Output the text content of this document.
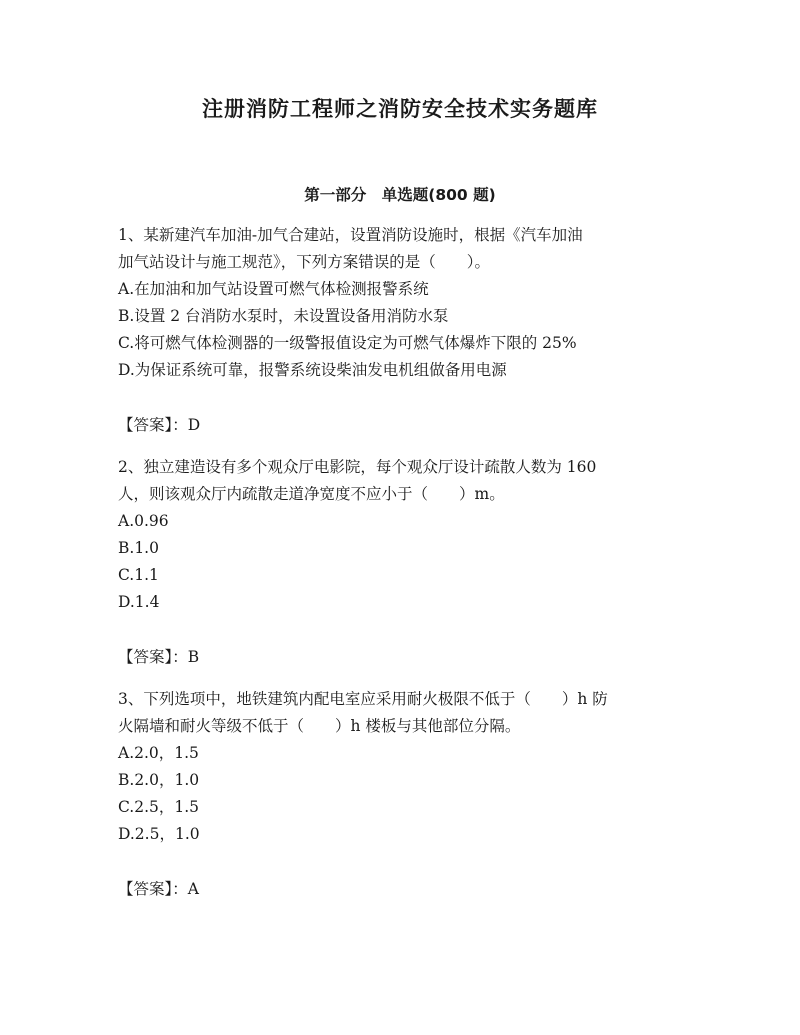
注册消防工程师之消防安全技术实务题库
第一部分　单选题(800 题)
1、某新建汽车加油-加气合建站，设置消防设施时，根据《汽车加油
加气站设计与施工规范》，下列方案错误的是（　　）。
A.在加油和加气站设置可燃气体检测报警系统
B.设置 2 台消防水泵时，未设置设备用消防水泵
C.将可燃气体检测器的一级警报值设定为可燃气体爆炸下限的 25%
D.为保证系统可靠，报警系统设柴油发电机组做备用电源
【答案】：D
2、独立建造设有多个观众厅电影院，每个观众厅设计疏散人数为 160
人，则该观众厅内疏散走道净宽度不应小于（　　）m。
A.0.96
B.1.0
C.1.1
D.1.4
【答案】：B
3、下列选项中，地铁建筑内配电室应采用耐火极限不低于（　　）h 防
火隔墙和耐火等级不低于（　　）h 楼板与其他部位分隔。
A.2.0，1.5
B.2.0，1.0
C.2.5，1.5
D.2.5，1.0
【答案】：A
